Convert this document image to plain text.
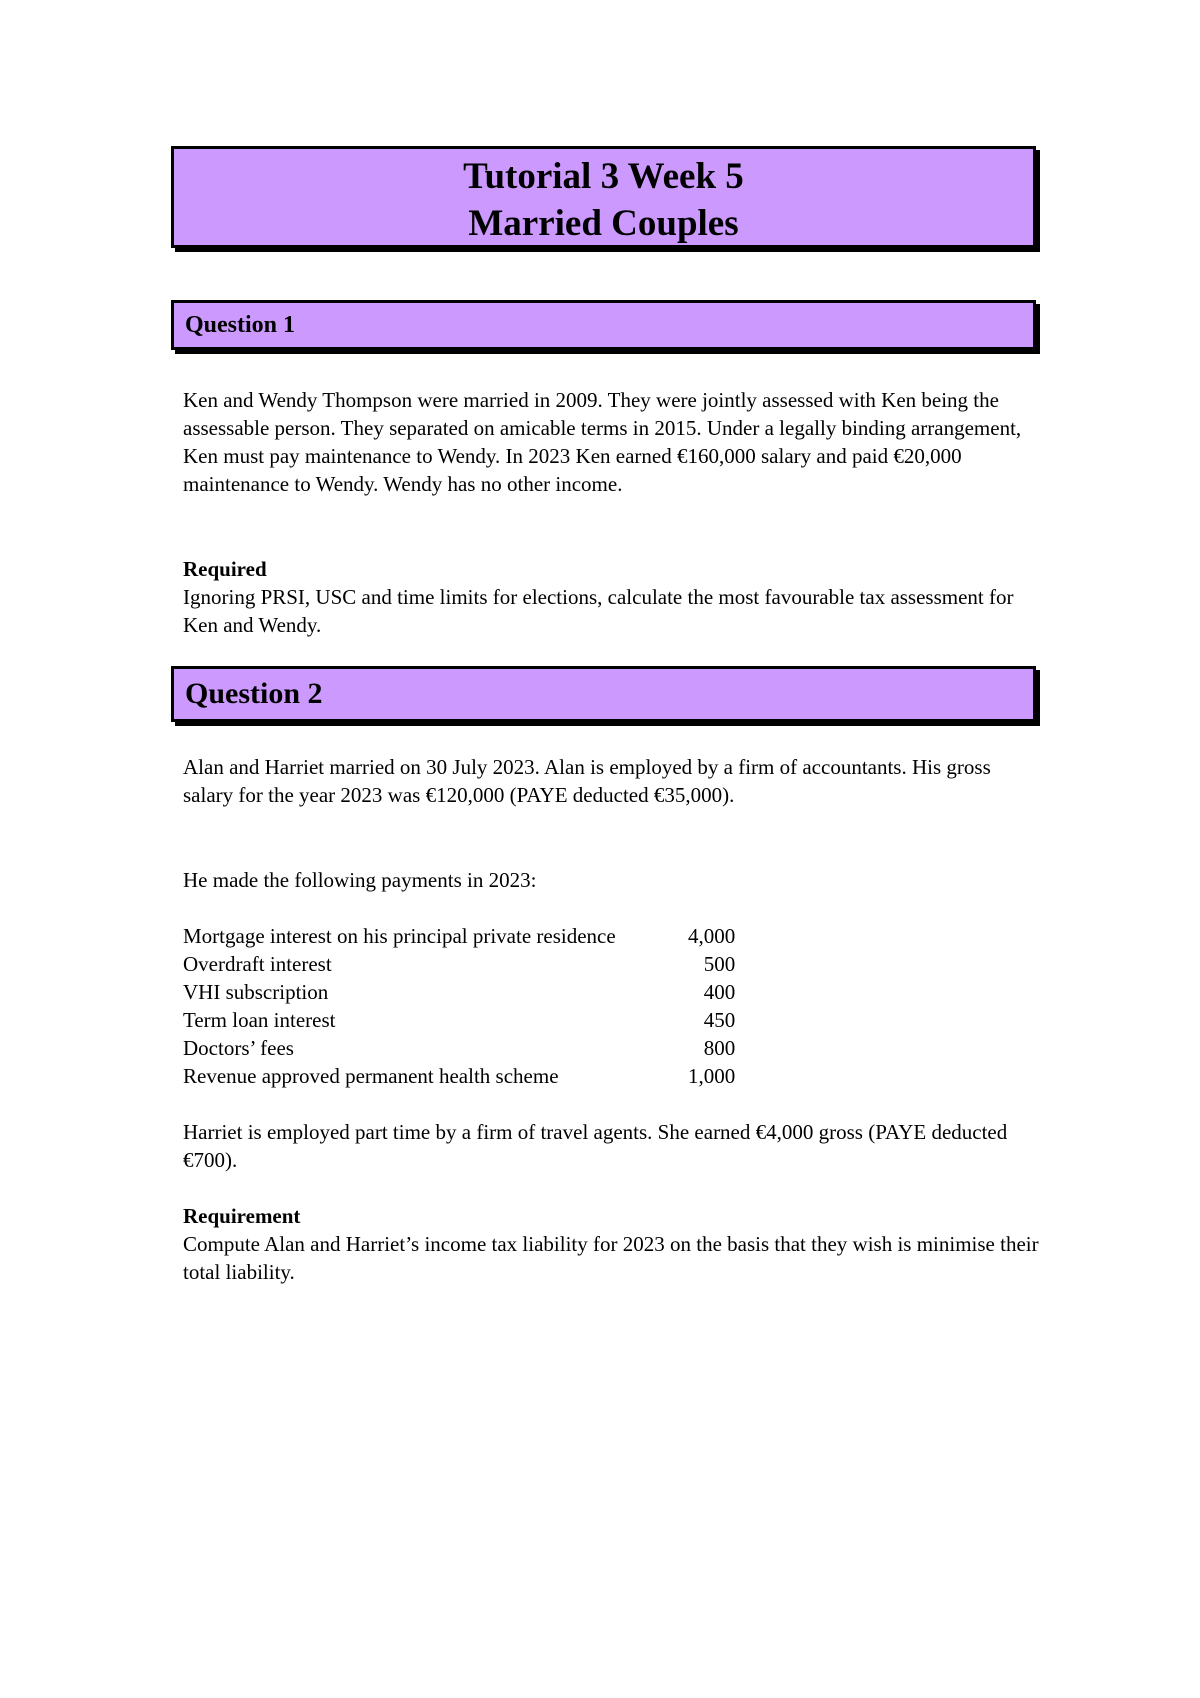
Tutorial 3 Week 5
Married Couples
Question 1

Ken and Wendy Thompson were married in 2009. They were jointly assessed with Ken being the assessable person. They separated on amicable terms in 2015. Under a legally binding arrangement, Ken must pay maintenance to Wendy. In 2023 Ken earned €160,000 salary and paid €20,000 maintenance to Wendy. Wendy has no other income.

Required

Ignoring PRSI, USC and time limits for elections, calculate the most favourable tax assessment for Ken and Wendy.

Question 2

Alan and Harriet married on 30 July 2023. Alan is employed by a firm of accountants. His gross salary for the year 2023 was €120,000 (PAYE deducted €35,000).

He made the following payments in 2023:

Mortgage interest on his principal private residence	4,000
Overdraft interest	500
VHI subscription	400
Term loan interest	450
Doctors’ fees	800
Revenue approved permanent health scheme	1,000

Harriet is employed part time by a firm of travel agents. She earned €4,000 gross (PAYE deducted €700).

Requirement

Compute Alan and Harriet’s income tax liability for 2023 on the basis that they wish is minimise their total liability.
